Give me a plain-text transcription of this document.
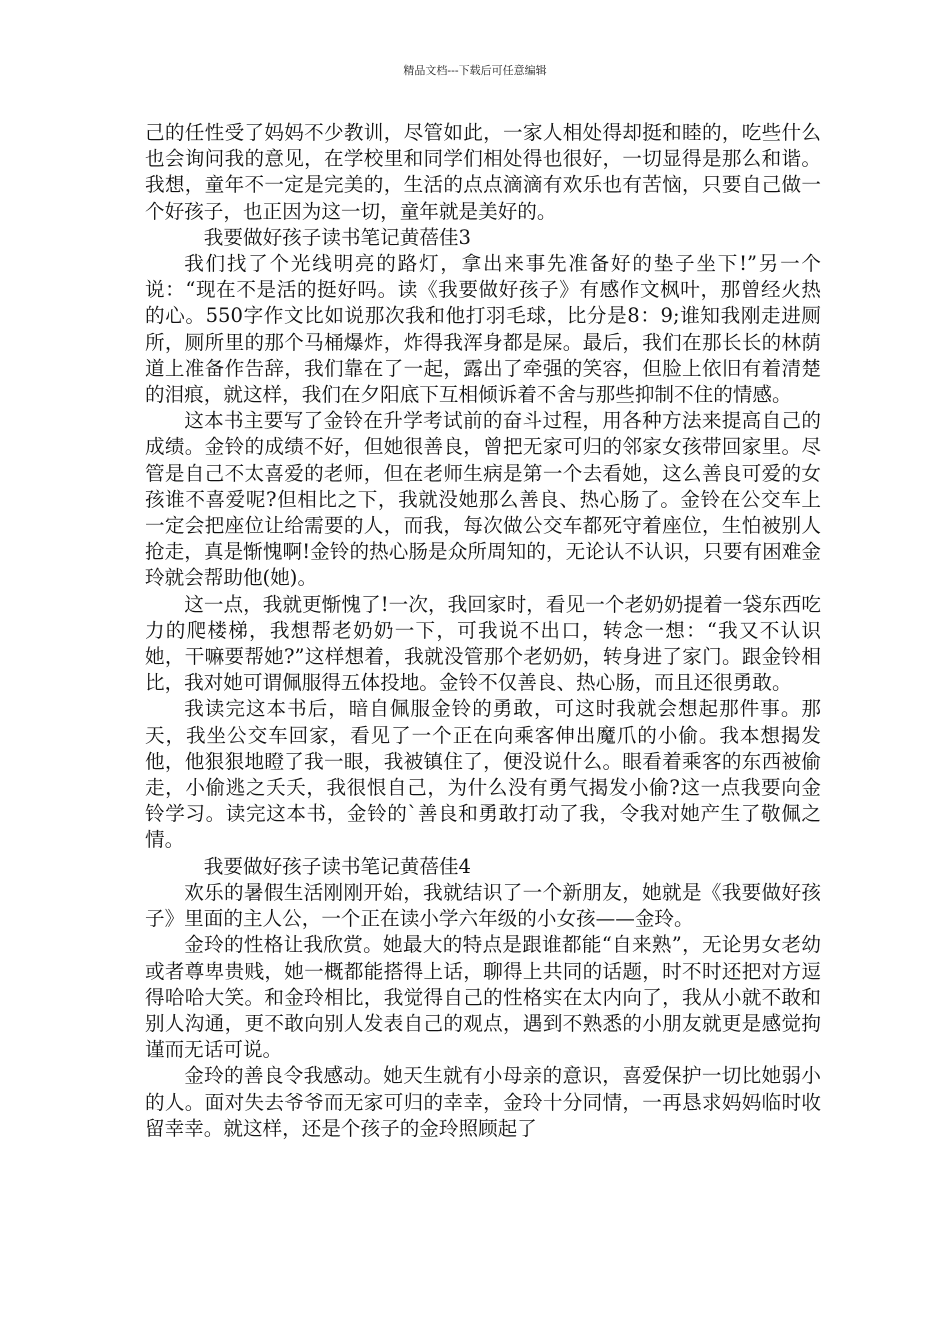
精品文档---下载后可任意编辑

己的任性受了妈妈不少教训，尽管如此，一家人相处得却挺和睦的，吃些什么也会询问我的意见，在学校里和同学们相处得也很好，一切显得是那么和谐。我想，童年不一定是完美的，生活的点点滴滴有欢乐也有苦恼，只要自己做一个好孩子，也正因为这一切，童年就是美好的。

我要做好孩子读书笔记黄蓓佳3

我们找了个光线明亮的路灯，拿出来事先准备好的垫子坐下!”另一个说：“现在不是活的挺好吗。读《我要做好孩子》有感作文枫叶，那曾经火热的心。550字作文比如说那次我和他打羽毛球，比分是8：9;谁知我刚走进厕所，厕所里的那个马桶爆炸，炸得我浑身都是屎。最后，我们在那长长的林荫道上准备作告辞，我们靠在了一起，露出了牵强的笑容，但脸上依旧有着清楚的泪痕，就这样，我们在夕阳底下互相倾诉着不舍与那些抑制不住的情感。

这本书主要写了金铃在升学考试前的奋斗过程，用各种方法来提高自己的成绩。金铃的成绩不好，但她很善良，曾把无家可归的邻家女孩带回家里。尽管是自己不太喜爱的老师，但在老师生病是第一个去看她，这么善良可爱的女孩谁不喜爱呢?但相比之下，我就没她那么善良、热心肠了。金铃在公交车上一定会把座位让给需要的人，而我，每次做公交车都死守着座位，生怕被别人抢走，真是惭愧啊!金铃的热心肠是众所周知的，无论认不认识，只要有困难金玲就会帮助他(她)。

这一点，我就更惭愧了!一次，我回家时，看见一个老奶奶提着一袋东西吃力的爬楼梯，我想帮老奶奶一下，可我说不出口，转念一想：“我又不认识她，干嘛要帮她?”这样想着，我就没管那个老奶奶，转身进了家门。跟金铃相比，我对她可谓佩服得五体投地。金铃不仅善良、热心肠，而且还很勇敢。

我读完这本书后，暗自佩服金铃的勇敢，可这时我就会想起那件事。那天，我坐公交车回家，看见了一个正在向乘客伸出魔爪的小偷。我本想揭发他，他狠狠地瞪了我一眼，我被镇住了，便没说什么。眼看着乘客的东西被偷走，小偷逃之夭夭，我很恨自己，为什么没有勇气揭发小偷?这一点我要向金铃学习。读完这本书，金铃的`善良和勇敢打动了我，令我对她产生了敬佩之情。

我要做好孩子读书笔记黄蓓佳4

欢乐的暑假生活刚刚开始，我就结识了一个新朋友，她就是《我要做好孩子》里面的主人公，一个正在读小学六年级的小女孩——金玲。

金玲的性格让我欣赏。她最大的特点是跟谁都能“自来熟”，无论男女老幼或者尊卑贵贱，她一概都能搭得上话，聊得上共同的话题，时不时还把对方逗得哈哈大笑。和金玲相比，我觉得自己的性格实在太内向了，我从小就不敢和别人沟通，更不敢向别人发表自己的观点，遇到不熟悉的小朋友就更是感觉拘谨而无话可说。

金玲的善良令我感动。她天生就有小母亲的意识，喜爱保护一切比她弱小的人。面对失去爷爷而无家可归的幸幸，金玲十分同情，一再恳求妈妈临时收留幸幸。就这样，还是个孩子的金玲照顾起了
